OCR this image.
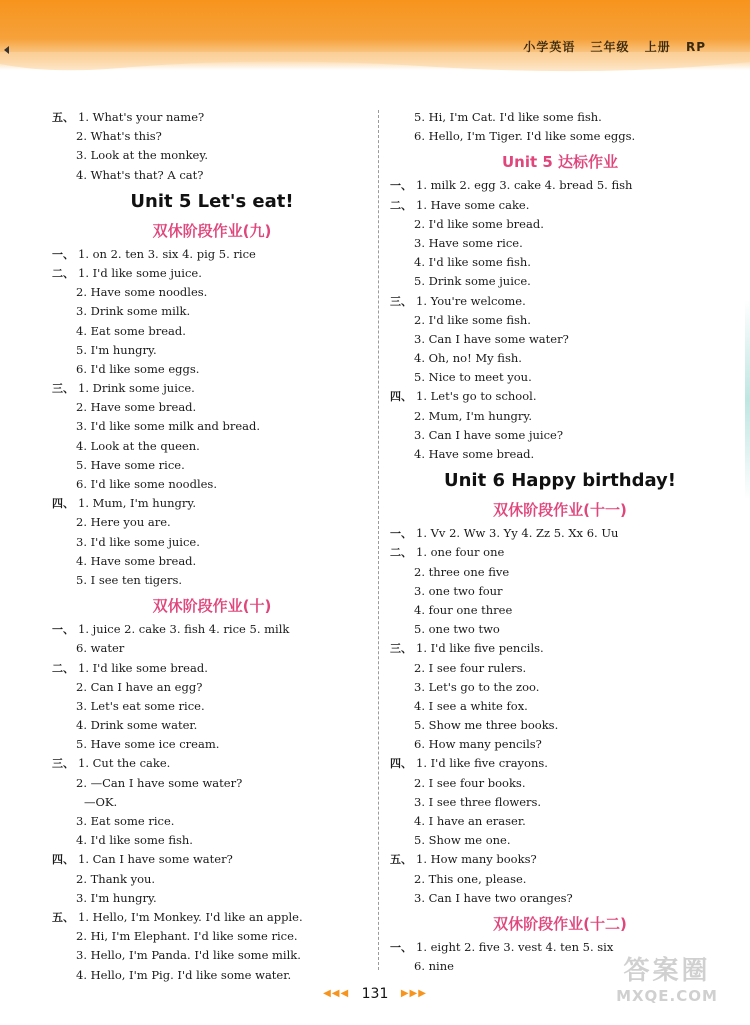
小学英语 三年级 上册 RP
五、 1. What's your name?
2. What's this?
3. Look at the monkey.
4. What's that? A cat?
Unit 5 Let's eat!
双休阶段作业(九)
一、 1. on 2. ten 3. six 4. pig 5. rice
二、 1. I'd like some juice.
2. Have some noodles.
3. Drink some milk.
4. Eat some bread.
5. I'm hungry.
6. I'd like some eggs.
三、 1. Drink some juice.
2. Have some bread.
3. I'd like some milk and bread.
4. Look at the queen.
5. Have some rice.
6. I'd like some noodles.
四、 1. Mum, I'm hungry.
2. Here you are.
3. I'd like some juice.
4. Have some bread.
5. I see ten tigers.
双休阶段作业(十)
一、 1. juice 2. cake 3. fish 4. rice 5. milk
6. water
二、 1. I'd like some bread.
2. Can I have an egg?
3. Let's eat some rice.
4. Drink some water.
5. Have some ice cream.
三、 1. Cut the cake.
2. —Can I have some water?
—OK.
3. Eat some rice.
4. I'd like some fish.
四、 1. Can I have some water?
2. Thank you.
3. I'm hungry.
五、 1. Hello, I'm Monkey. I'd like an apple.
2. Hi, I'm Elephant. I'd like some rice.
3. Hello, I'm Panda. I'd like some milk.
4. Hello, I'm Pig. I'd like some water.
5. Hi, I'm Cat. I'd like some fish.
6. Hello, I'm Tiger. I'd like some eggs.
Unit 5 达标作业
一、 1. milk 2. egg 3. cake 4. bread 5. fish
二、 1. Have some cake.
2. I'd like some bread.
3. Have some rice.
4. I'd like some fish.
5. Drink some juice.
三、 1. You're welcome.
2. I'd like some fish.
3. Can I have some water?
4. Oh, no! My fish.
5. Nice to meet you.
四、 1. Let's go to school.
2. Mum, I'm hungry.
3. Can I have some juice?
4. Have some bread.
Unit 6 Happy birthday!
双休阶段作业(十一)
一、 1. Vv 2. Ww 3. Yy 4. Zz 5. Xx 6. Uu
二、 1. one four one
2. three one five
3. one two four
4. four one three
5. one two two
三、 1. I'd like five pencils.
2. I see four rulers.
3. Let's go to the zoo.
4. I see a white fox.
5. Show me three books.
6. How many pencils?
四、 1. I'd like five crayons.
2. I see four books.
3. I see three flowers.
4. I have an eraser.
5. Show me one.
五、 1. How many books?
2. This one, please.
3. Can I have two oranges?
双休阶段作业(十二)
一、 1. eight 2. five 3. vest 4. ten 5. six
6. nine
◀◀◀ 131 ▶▶▶
答案圈
MXQE.COM
